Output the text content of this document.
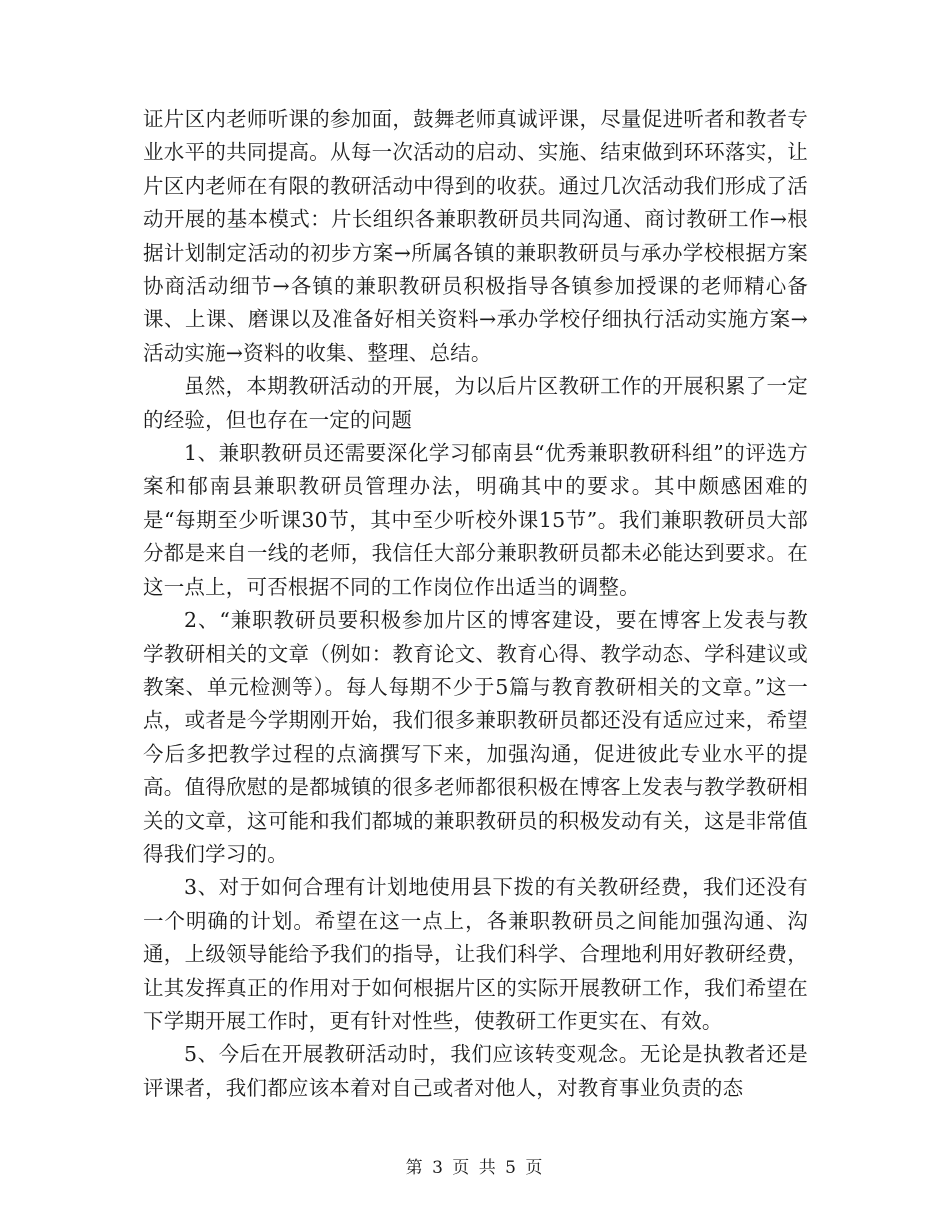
证片区内老师听课的参加面，鼓舞老师真诚评课，尽量促进听者和教者专业水平的共同提高。从每一次活动的启动、实施、结束做到环环落实，让片区内老师在有限的教研活动中得到的收获。通过几次活动我们形成了活动开展的基本模式：片长组织各兼职教研员共同沟通、商讨教研工作→根据计划制定活动的初步方案→所属各镇的兼职教研员与承办学校根据方案协商活动细节→各镇的兼职教研员积极指导各镇参加授课的老师精心备课、上课、磨课以及准备好相关资料→承办学校仔细执行活动实施方案→活动实施→资料的收集、整理、总结。

虽然，本期教研活动的开展，为以后片区教研工作的开展积累了一定的经验，但也存在一定的问题

1、兼职教研员还需要深化学习郁南县“优秀兼职教研科组”的评选方案和郁南县兼职教研员管理办法，明确其中的要求。其中颇感困难的是“每期至少听课30节，其中至少听校外课15节”。我们兼职教研员大部分都是来自一线的老师，我信任大部分兼职教研员都未必能达到要求。在这一点上，可否根据不同的工作岗位作出适当的调整。

2、“兼职教研员要积极参加片区的博客建设，要在博客上发表与教学教研相关的文章（例如：教育论文、教育心得、教学动态、学科建议或教案、单元检测等）。每人每期不少于5篇与教育教研相关的文章。”这一点，或者是今学期刚开始，我们很多兼职教研员都还没有适应过来，希望今后多把教学过程的点滴撰写下来，加强沟通，促进彼此专业水平的提高。值得欣慰的是都城镇的很多老师都很积极在博客上发表与教学教研相关的文章，这可能和我们都城的兼职教研员的积极发动有关，这是非常值得我们学习的。

3、对于如何合理有计划地使用县下拨的有关教研经费，我们还没有一个明确的计划。希望在这一点上，各兼职教研员之间能加强沟通、沟通，上级领导能给予我们的指导，让我们科学、合理地利用好教研经费，让其发挥真正的作用对于如何根据片区的实际开展教研工作，我们希望在下学期开展工作时，更有针对性些，使教研工作更实在、有效。

5、今后在开展教研活动时，我们应该转变观念。无论是执教者还是评课者，我们都应该本着对自己或者对他人，对教育事业负责的态

第 3 页 共 5 页
